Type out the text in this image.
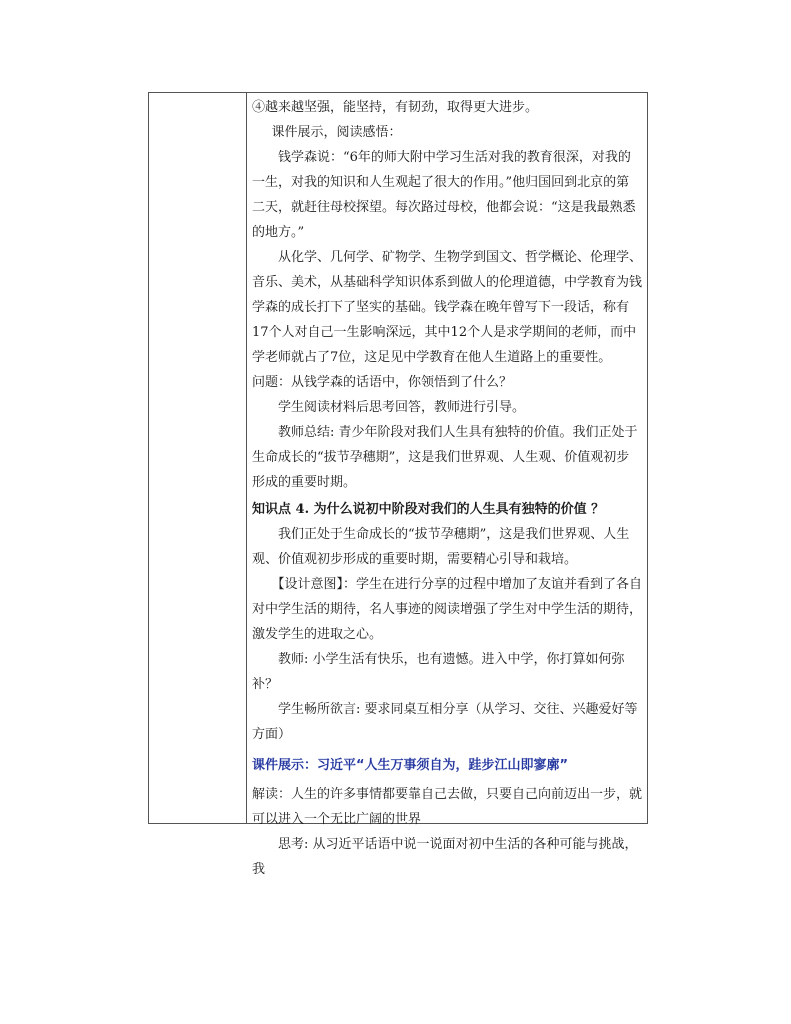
④越来越坚强，能坚持，有韧劲，取得更大进步。

课件展示，阅读感悟：

钱学森说：“6年的师大附中学习生活对我的教育很深，对我的一生，对我的知识和人生观起了很大的作用。”他归国回到北京的第二天，就赶往母校探望。每次路过母校，他都会说：“这是我最熟悉的地方。”

从化学、几何学、矿物学、生物学到国文、哲学概论、伦理学、音乐、美术，从基础科学知识体系到做人的伦理道德，中学教育为钱学森的成长打下了坚实的基础。钱学森在晚年曾写下一段话，称有17个人对自己一生影响深远，其中12个人是求学期间的老师，而中学老师就占了7位，这足见中学教育在他人生道路上的重要性。

问题：从钱学森的话语中，你领悟到了什么？

学生阅读材料后思考回答，教师进行引导。

教师总结: 青少年阶段对我们人生具有独特的价值。我们正处于生命成长的“拔节孕穗期”，这是我们世界观、人生观、价值观初步形成的重要时期。

知识点 4. 为什么说初中阶段对我们的人生具有独特的价值 ？

我们正处于生命成长的“拔节孕穗期”，这是我们世界观、人生观、价值观初步形成的重要时期，需要精心引导和栽培。

【设计意图】：学生在进行分享的过程中增加了友谊并看到了各自对中学生活的期待，名人事迹的阅读增强了学生对中学生活的期待，激发学生的进取之心。

教师: 小学生活有快乐，也有遗憾。进入中学，你打算如何弥补？

学生畅所欲言: 要求同桌互相分享（从学习、交往、兴趣爱好等方面）

课件展示：习近平“人生万事须自为，跬步江山即寥廓”

解读：人生的许多事情都要靠自己去做，只要自己向前迈出一步，就可以进入一个无比广阔的世界

思考: 从习近平话语中说一说面对初中生活的各种可能与挑战，我
